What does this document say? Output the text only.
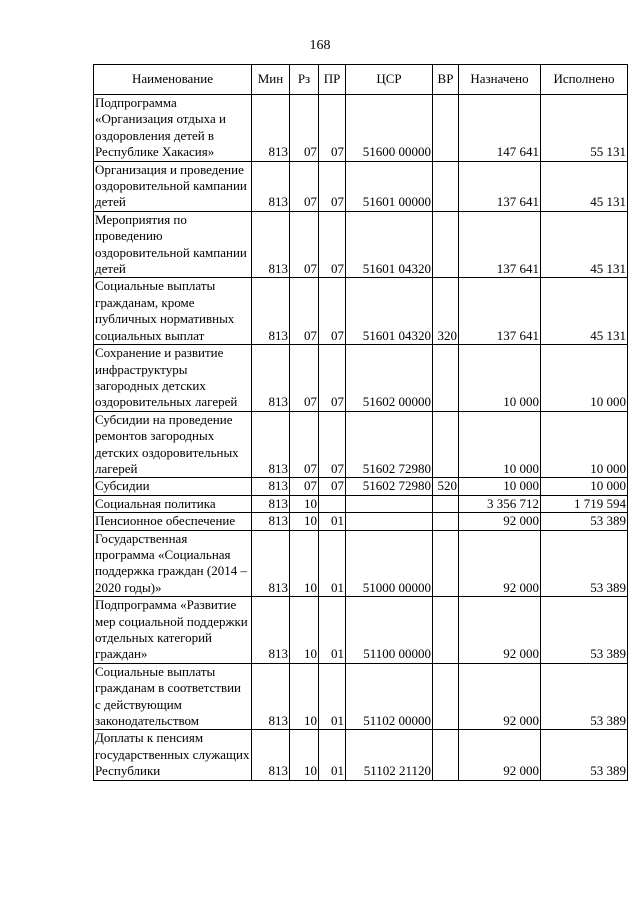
168
Наименование	Мин	Рз	ПР	ЦСР	ВР	Назначено	Исполнено
Подпрограмма «Организация отдыха и оздоровления детей в Республике Хакасия»	813	07	07	51600 00000		147 641	55 131
Организация и проведение оздоровительной кампании детей	813	07	07	51601 00000		137 641	45 131
Мероприятия по проведению оздоровительной кампании детей	813	07	07	51601 04320		137 641	45 131
Социальные выплаты гражданам, кроме публичных нормативных социальных выплат	813	07	07	51601 04320	320	137 641	45 131
Сохранение и развитие инфраструктуры загородных детских оздоровительных лагерей	813	07	07	51602 00000		10 000	10 000
Субсидии на проведение ремонтов загородных детских оздоровительных лагерей	813	07	07	51602 72980		10 000	10 000
Субсидии	813	07	07	51602 72980	520	10 000	10 000
Социальная политика	813	10				3 356 712	1 719 594
Пенсионное обеспечение	813	10	01			92 000	53 389
Государственная программа «Социальная поддержка граждан (2014 – 2020 годы)»	813	10	01	51000 00000		92 000	53 389
Подпрограмма «Развитие мер социальной поддержки отдельных категорий граждан»	813	10	01	51100 00000		92 000	53 389
Социальные выплаты гражданам в соответствии с действующим законодательством	813	10	01	51102 00000		92 000	53 389
Доплаты к пенсиям государственных служащих Республики	813	10	01	51102 21120		92 000	53 389
